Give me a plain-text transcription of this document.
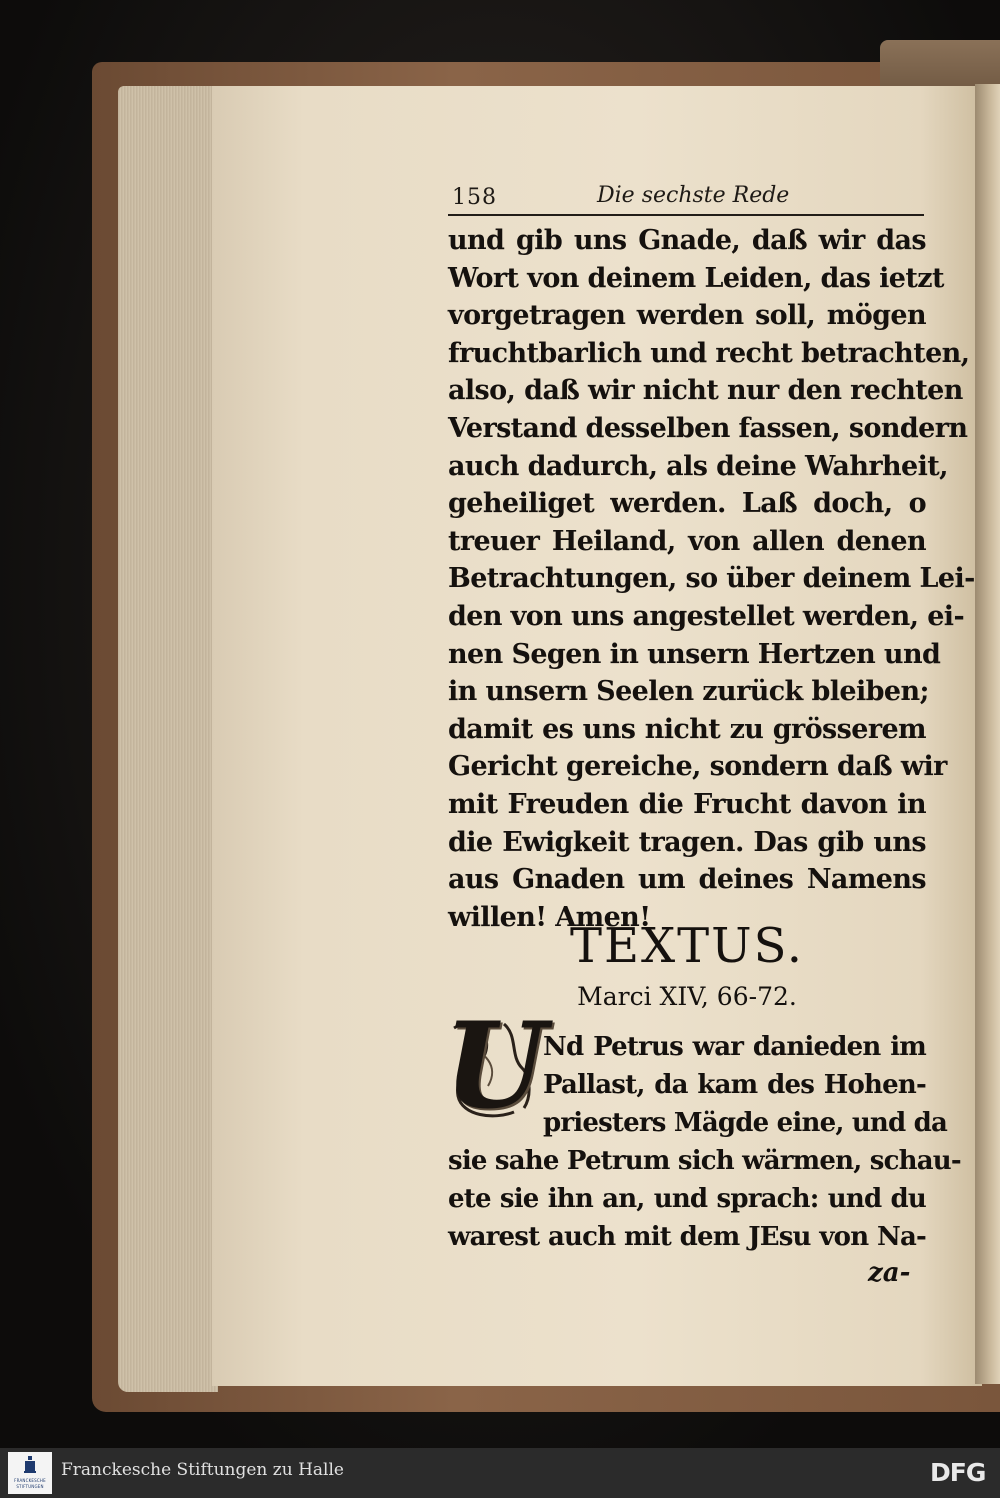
158	Die sechste Rede
und gib uns Gnade, daß wir das
Wort von deinem Leiden, das ietzt
vorgetragen werden soll, mögen
fruchtbarlich und recht betrachten,
also, daß wir nicht nur den rechten
Verstand desselben fassen, sondern
auch dadurch, als deine Wahrheit,
geheiliget werden. Laß doch, o
treuer Heiland, von allen denen
Betrachtungen, so über deinem Lei-
den von uns angestellet werden, ei-
nen Segen in unsern Hertzen und
in unsern Seelen zurück bleiben;
damit es uns nicht zu grösserem
Gericht gereiche, sondern daß wir
mit Freuden die Frucht davon in
die Ewigkeit tragen. Das gib uns
aus Gnaden um deines Namens
willen! Amen!
TEXTUS.
Marci XIV, 66-72.
U
Nd Petrus war danieden im
Pallast, da kam des Hohen-
priesters Mägde eine, und da
sie sahe Petrum sich wärmen, schau-
ete sie ihn an, und sprach: und du
warest auch mit dem JEsu von Na-
za-
FRANCKESCHE
STIFTUNGEN
Franckesche Stiftungen zu Halle	DFG
